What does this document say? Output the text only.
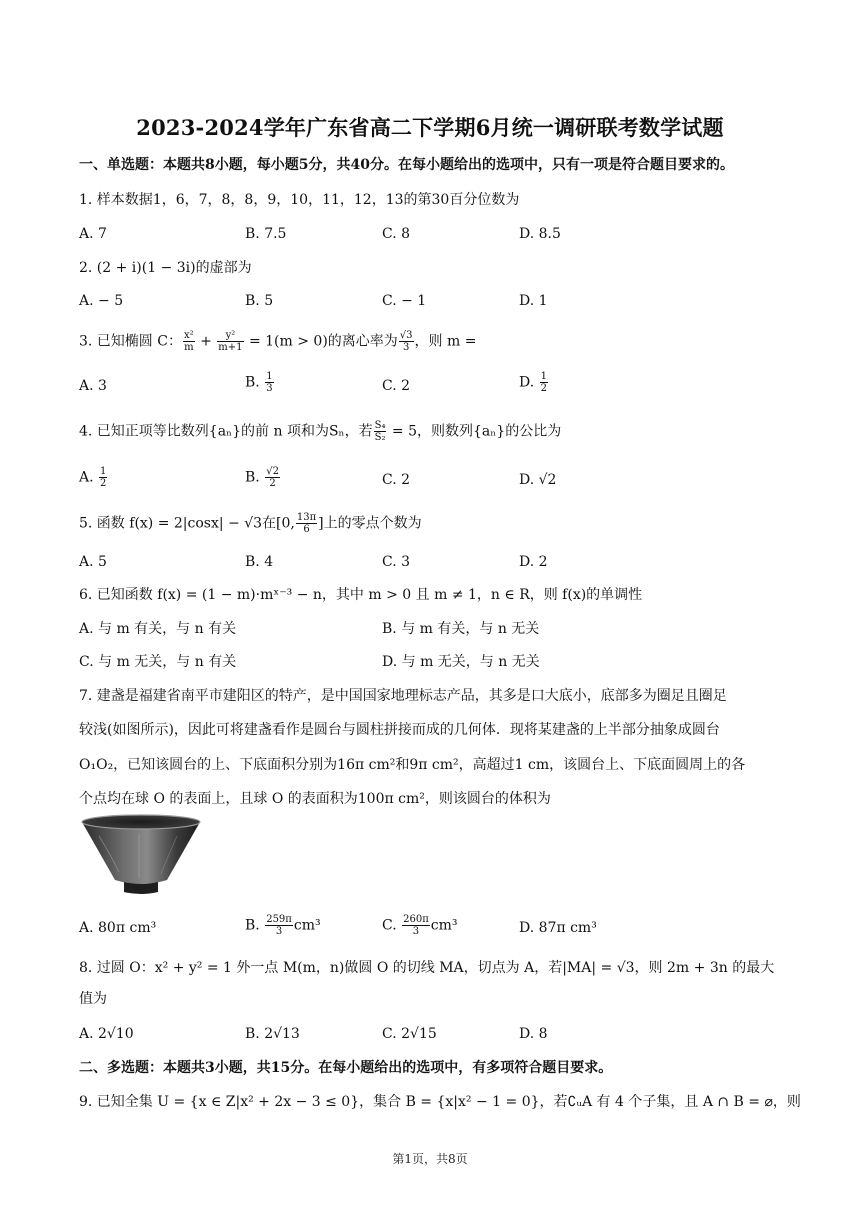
2023-2024学年广东省高二下学期6月统一调研联考数学试题
一、单选题：本题共8小题，每小题5分，共40分。在每小题给出的选项中，只有一项是符合题目要求的。
1. 样本数据1，6，7，8，8，9，10，11，12，13的第30百分位数为
A. 7	B. 7.5	C. 8	D. 8.5
2. (2 + i)(1 − 3i)的虚部为
A. − 5	B. 5	C. − 1	D. 1
3. 已知椭圆 C： $\frac{\text{x²}}{m} + \frac{\text{y²}}{m+1} = 1(m > 0)$的离心率为 $\frac{√3}{3}$ ，则 m =
A. 3	B. $\frac{1}{3}$	C. 2	D. $\frac{1}{2}$
4. 已知正项等比数列{aₙ}的前 n 项和为Sₙ，若 $\frac{\text{S₄}}{\text{S₂}} = 5$，则数列{aₙ}的公比为
A. $\frac{1}{2}$	B. $\frac{√2}{2}$	C. 2	D. √2
5. 函数 f(x) = 2|cosx| − √3在[0, $\frac{13\pi}{6}$ ]上的零点个数为
A. 5	B. 4	C. 3	D. 2
6. 已知函数 f(x) = (1 − m)·mˣ⁻³ − n，其中 m > 0 且 m ≠ 1，n ∈ R，则 f(x)的单调性
A. 与 m 有关，与 n 有关	B. 与 m 有关，与 n 无关
C. 与 m 无关，与 n 有关	D. 与 m 无关，与 n 无关
7. 建盏是福建省南平市建阳区的特产，是中国国家地理标志产品，其多是口大底小，底部多为圈足且圈足
较浅(如图所示)，因此可将建盏看作是圆台与圆柱拼接而成的几何体．现将某建盏的上半部分抽象成圆台
O₁O₂，已知该圆台的上、下底面积分别为16π cm²和9π cm²，高超过1 cm，该圆台上、下底面圆周上的各
个点均在球 O 的表面上，且球 O 的表面积为100π cm²，则该圆台的体积为
A. 80π cm³	B. $\frac{259\pi}{3} cm^3$	C. $\frac{260\pi}{3} cm^3$	D. 87π cm³
8. 过圆 O：x² + y² = 1 外一点 M(m，n)做圆 O 的切线 MA，切点为 A，若|MA| = √3，则 2m + 3n 的最大
值为
A. 2√10	B. 2√13	C. 2√15	D. 8
二、多选题：本题共3小题，共15分。在每小题给出的选项中，有多项符合题目要求。
9. 已知全集 U = {x ∈ Z|x² + 2x − 3 ≤ 0}，集合 B = {x|x² − 1 = 0}，若∁ᵤA 有 4 个子集，且 A ∩ B = ⌀，则
第1页，共8页
